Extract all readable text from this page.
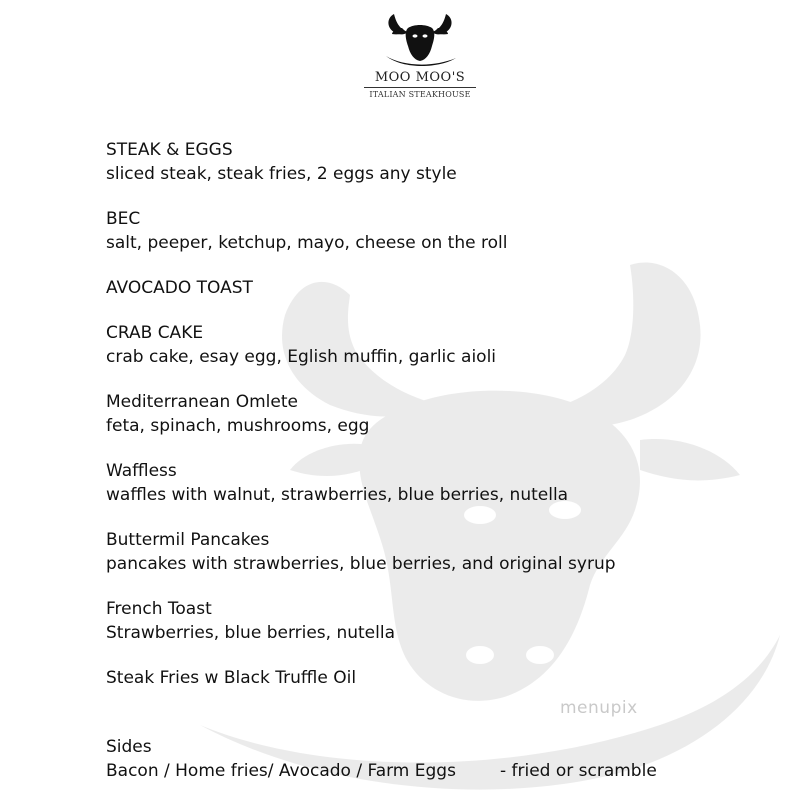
MOO MOO'S
ITALIAN STEAKHOUSE
STEAK & EGGS
sliced steak, steak fries, 2 eggs any style
BEC
salt, peeper, ketchup, mayo, cheese on the roll
AVOCADO TOAST
CRAB CAKE
crab cake, esay egg, Eglish muffin, garlic aioli
Mediterranean Omlete
feta, spinach, mushrooms, egg
Waffless
waffles with walnut, strawberries, blue berries, nutella
Buttermil Pancakes
pancakes with strawberries, blue berries, and original syrup
French Toast
Strawberries, blue berries, nutella
Steak Fries w Black Truffle Oil
menupix
Sides
Bacon / Home fries/ Avocado / Farm Eggs	- fried or scramble
